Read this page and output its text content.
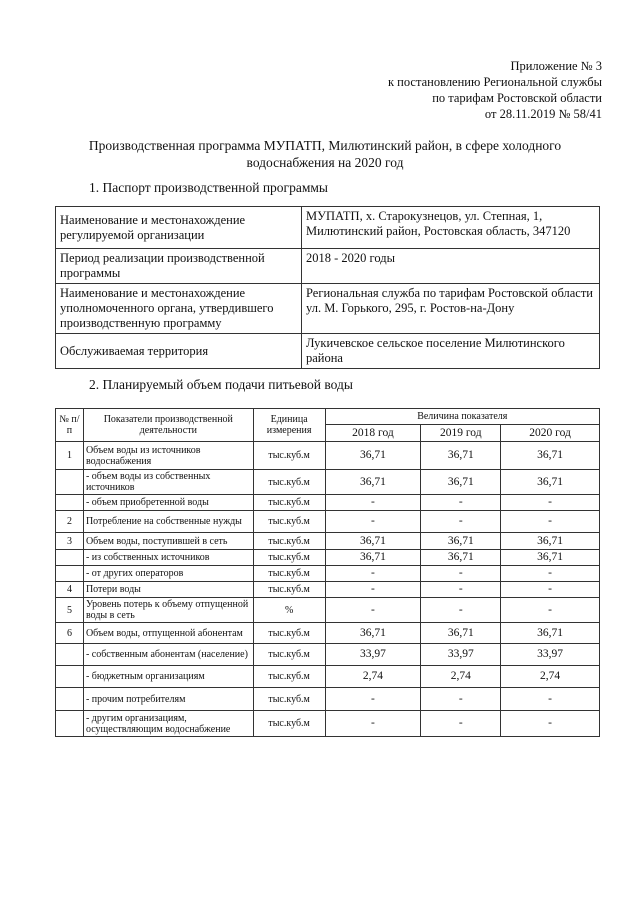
Приложение № 3
к постановлению Региональной службы
по тарифам Ростовской области
от 28.11.2019 № 58/41
Производственная программа МУПАТП, Милютинский район, в сфере холодного
водоснабжения на 2020 год
1. Паспорт производственной программы
Наименование и местонахождение регулируемой организации	МУПАТП, х. Старокузнецов, ул. Степная, 1, Милютинский район, Ростовская область, 347120
Период реализации производственной программы	2018 - 2020 годы
Наименование и местонахождение уполномоченного органа, утвердившего производственную программу	Региональная служба по тарифам Ростовской области
ул. М. Горького, 295, г. Ростов-на-Дону

Обслуживаемая территория	Лукичевское сельское поселение Милютинского района
2. Планируемый объем подачи питьевой воды
№ п/п	Показатели производственной деятельности	Единица измерения	Величина показателя		
			2018 год	2019 год	2020 год
1	Объем воды из источников водоснабжения	тыс.куб.м	36,71	36,71	36,71
	- объем воды из собственных источников	тыс.куб.м	36,71	36,71	36,71
	- объем приобретенной воды	тыс.куб.м	-	-	-
2	Потребление на собственные нужды	тыс.куб.м	-	-	-
3	Объем воды, поступившей в сеть	тыс.куб.м	36,71	36,71	36,71
	- из собственных источников	тыс.куб.м	36,71	36,71	36,71
	- от других операторов	тыс.куб.м	-	-	-
4	Потери воды	тыс.куб.м	-	-	-
5	Уровень потерь к объему отпущенной воды в сеть	%	-	-	-
6	Объем воды, отпущенной абонентам	тыс.куб.м	36,71	36,71	36,71
	- собственным абонентам (население)	тыс.куб.м	33,97	33,97	33,97
	- бюджетным организациям	тыс.куб.м	2,74	2,74	2,74
	- прочим потребителям	тыс.куб.м	-	-	-
	- другим организациям, осуществляющим водоснабжение	тыс.куб.м	-	-	-
